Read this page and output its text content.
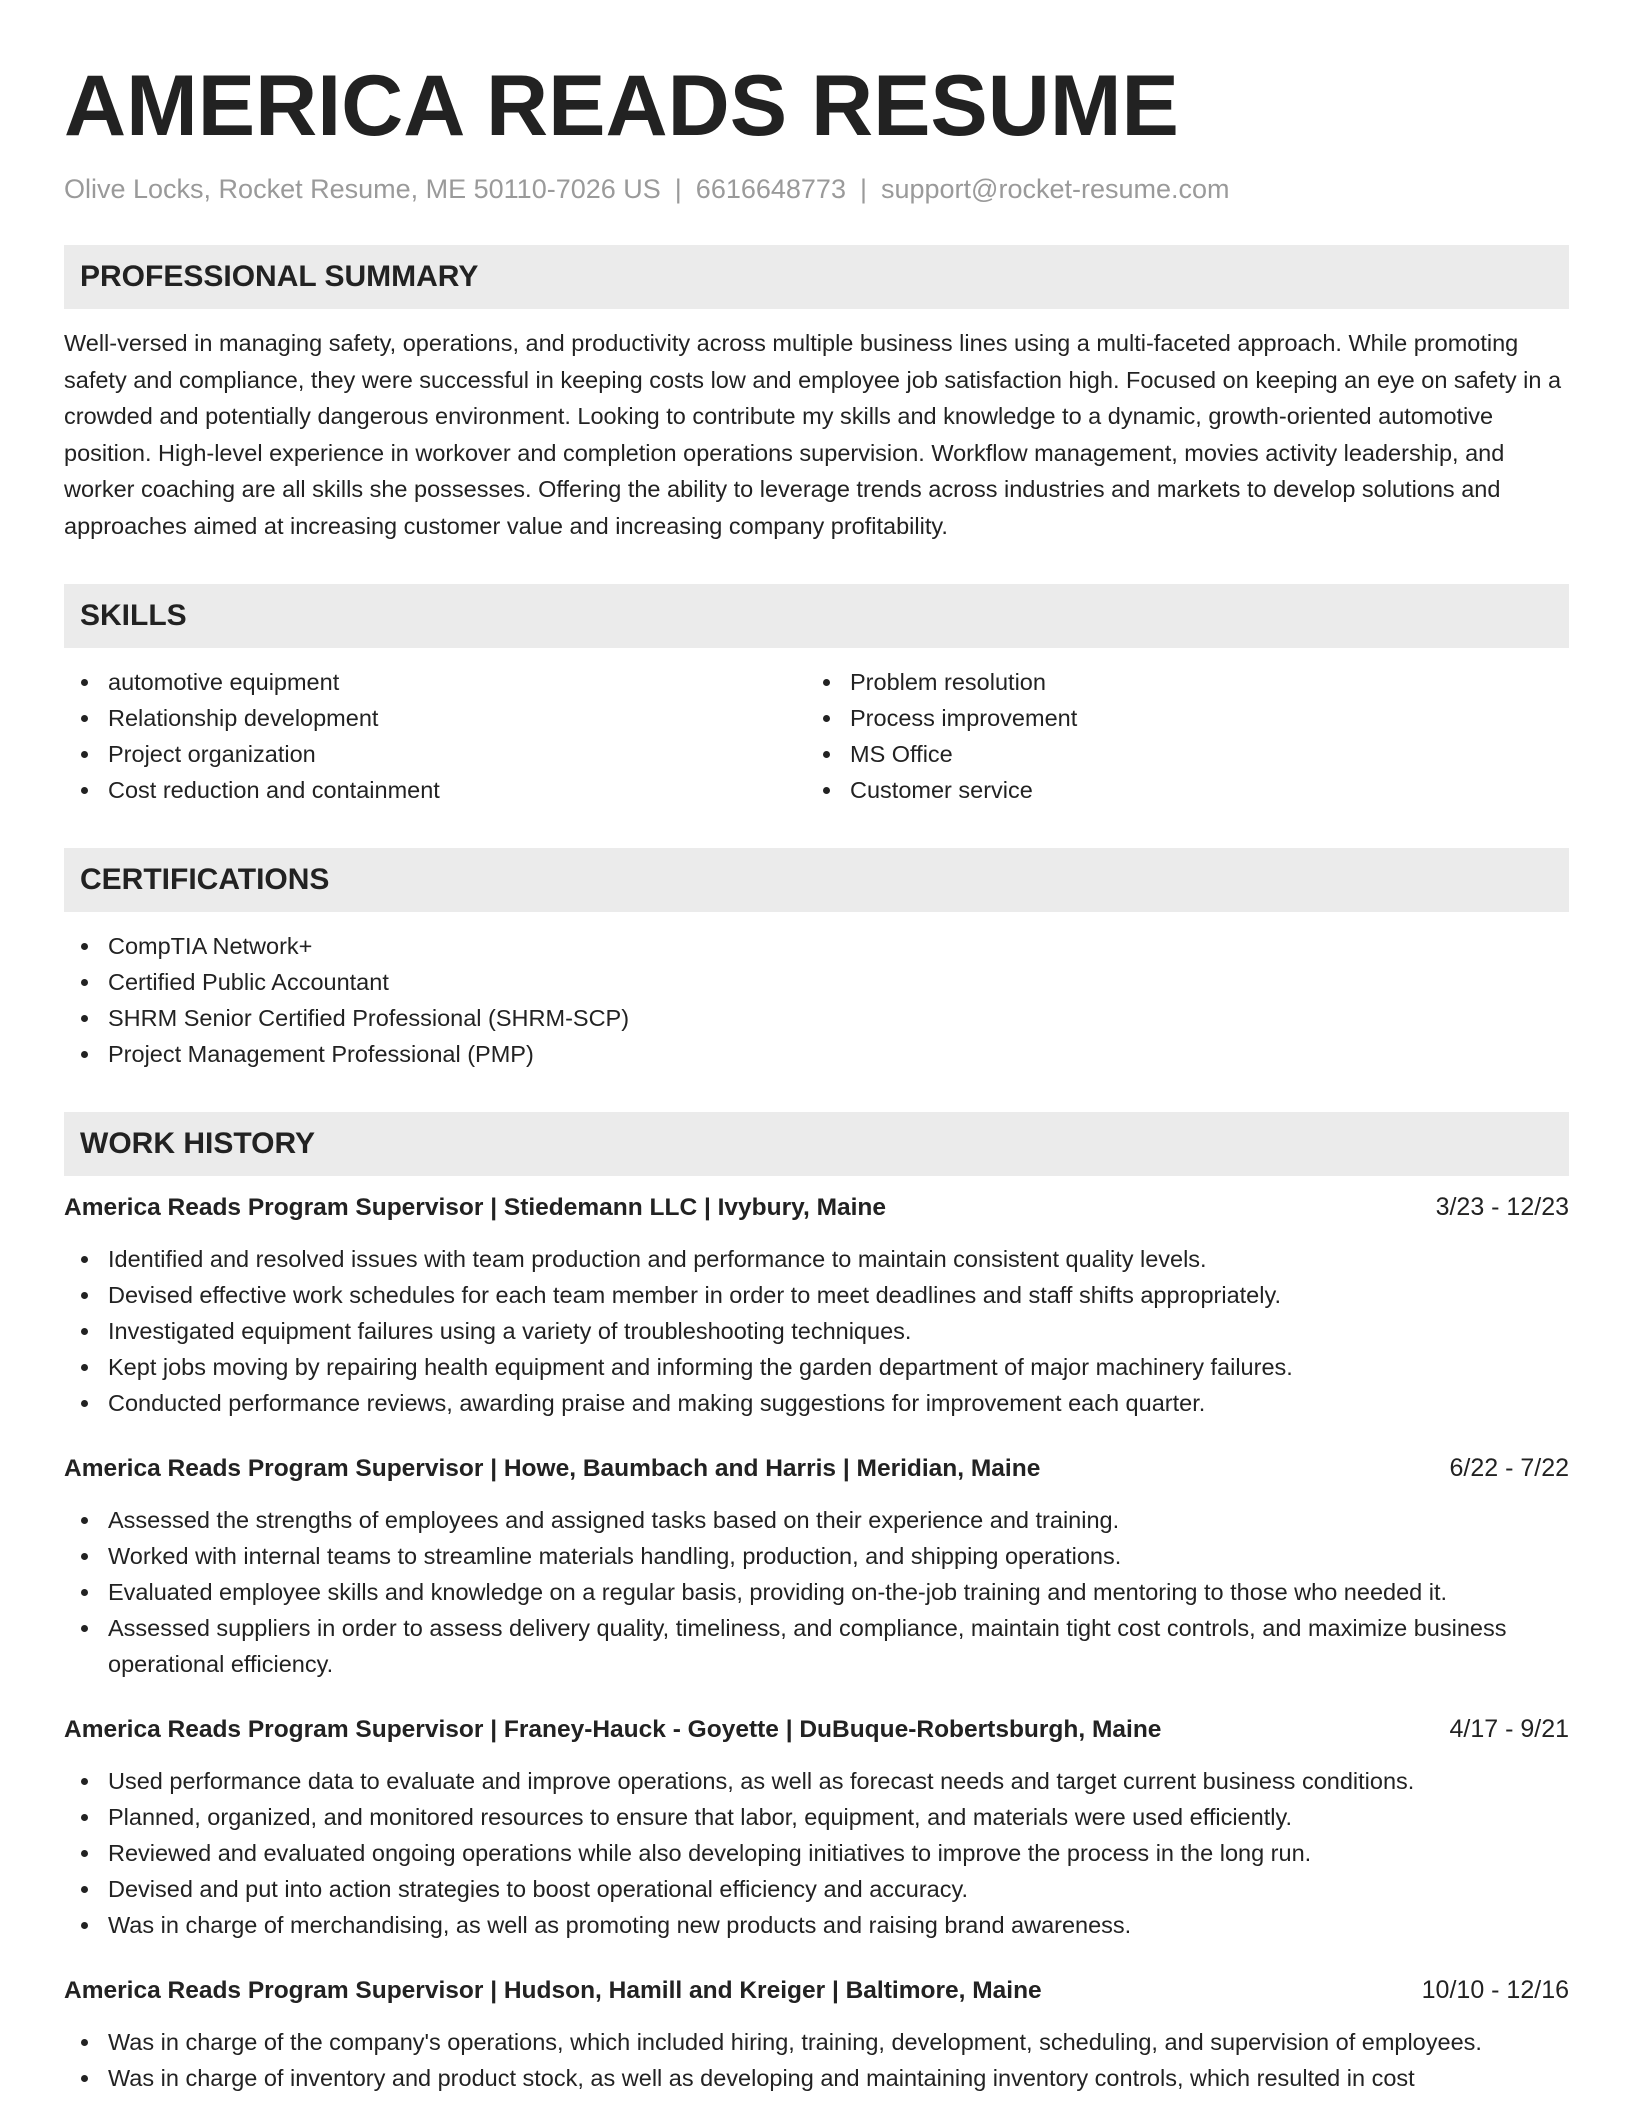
AMERICA READS RESUME
Olive Locks, Rocket Resume, ME 50110-7026 US | 6616648773 | support@rocket-resume.com
PROFESSIONAL SUMMARY

Well-versed in managing safety, operations, and productivity across multiple business lines using a multi-faceted approach. While promoting safety and compliance, they were successful in keeping costs low and employee job satisfaction high. Focused on keeping an eye on safety in a crowded and potentially dangerous environment. Looking to contribute my skills and knowledge to a dynamic, growth-oriented automotive position. High-level experience in workover and completion operations supervision. Workflow management, movies activity leadership, and worker coaching are all skills she possesses. Offering the ability to leverage trends across industries and markets to develop solutions and approaches aimed at increasing customer value and increasing company profitability.

SKILLS
automotive equipment
Relationship development
Project organization
Cost reduction and containment
Problem resolution
Process improvement
MS Office
Customer service
CERTIFICATIONS
CompTIA Network+
Certified Public Accountant
SHRM Senior Certified Professional (SHRM-SCP)
Project Management Professional (PMP)
WORK HISTORY
America Reads Program Supervisor | Stiedemann LLC | Ivybury, Maine	3/23 - 12/23
Identified and resolved issues with team production and performance to maintain consistent quality levels.
Devised effective work schedules for each team member in order to meet deadlines and staff shifts appropriately.
Investigated equipment failures using a variety of troubleshooting techniques.
Kept jobs moving by repairing health equipment and informing the garden department of major machinery failures.
Conducted performance reviews, awarding praise and making suggestions for improvement each quarter.
America Reads Program Supervisor | Howe, Baumbach and Harris | Meridian, Maine	6/22 - 7/22
Assessed the strengths of employees and assigned tasks based on their experience and training.
Worked with internal teams to streamline materials handling, production, and shipping operations.
Evaluated employee skills and knowledge on a regular basis, providing on-the-job training and mentoring to those who needed it.
Assessed suppliers in order to assess delivery quality, timeliness, and compliance, maintain tight cost controls, and maximize business operational efficiency.
America Reads Program Supervisor | Franey-Hauck - Goyette | DuBuque-Robertsburgh, Maine	4/17 - 9/21
Used performance data to evaluate and improve operations, as well as forecast needs and target current business conditions.
Planned, organized, and monitored resources to ensure that labor, equipment, and materials were used efficiently.
Reviewed and evaluated ongoing operations while also developing initiatives to improve the process in the long run.
Devised and put into action strategies to boost operational efficiency and accuracy.
Was in charge of merchandising, as well as promoting new products and raising brand awareness.
America Reads Program Supervisor | Hudson, Hamill and Kreiger | Baltimore, Maine	10/10 - 12/16
Was in charge of the company's operations, which included hiring, training, development, scheduling, and supervision of employees.
Was in charge of inventory and product stock, as well as developing and maintaining inventory controls, which resulted in cost
